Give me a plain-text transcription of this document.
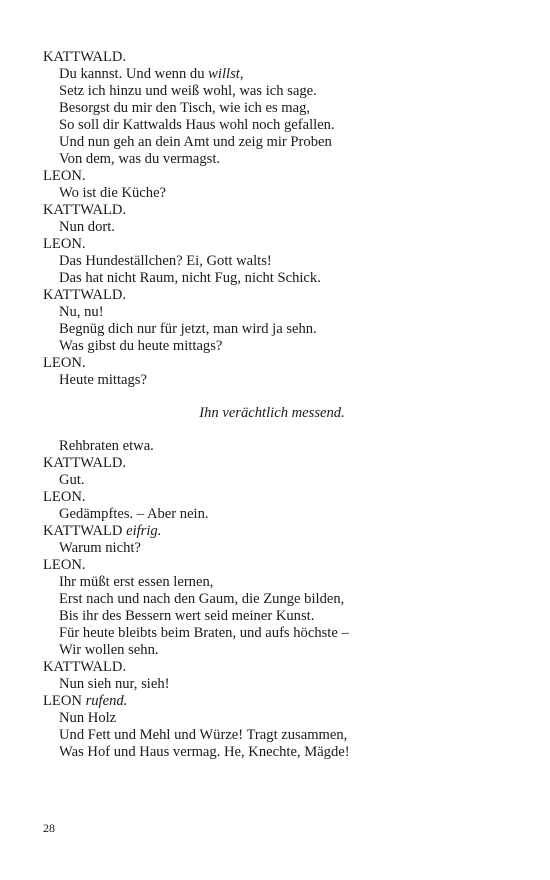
KATTWALD.
Du kannst. Und wenn du willst,
Setz ich hinzu und weiß wohl, was ich sage.
Besorgst du mir den Tisch, wie ich es mag,
So soll dir Kattwalds Haus wohl noch gefallen.
Und nun geh an dein Amt und zeig mir Proben
Von dem, was du vermagst.
LEON.
Wo ist die Küche?
KATTWALD.
Nun dort.
LEON.
Das Hundeställchen? Ei, Gott walts!
Das hat nicht Raum, nicht Fug, nicht Schick.
KATTWALD.
Nu, nu!
Begnüg dich nur für jetzt, man wird ja sehn.
Was gibst du heute mittags?
LEON.
Heute mittags?
Ihn verächtlich messend.
Rehbraten etwa.
KATTWALD.
Gut.
LEON.
Gedämpftes. – Aber nein.
KATTWALD eifrig.
Warum nicht?
LEON.
Ihr müßt erst essen lernen,
Erst nach und nach den Gaum, die Zunge bilden,
Bis ihr des Bessern wert seid meiner Kunst.
Für heute bleibts beim Braten, und aufs höchste –
Wir wollen sehn.
KATTWALD.
Nun sieh nur, sieh!
LEON rufend.
Nun Holz
Und Fett und Mehl und Würze! Tragt zusammen,
Was Hof und Haus vermag. He, Knechte, Mägde!
28
